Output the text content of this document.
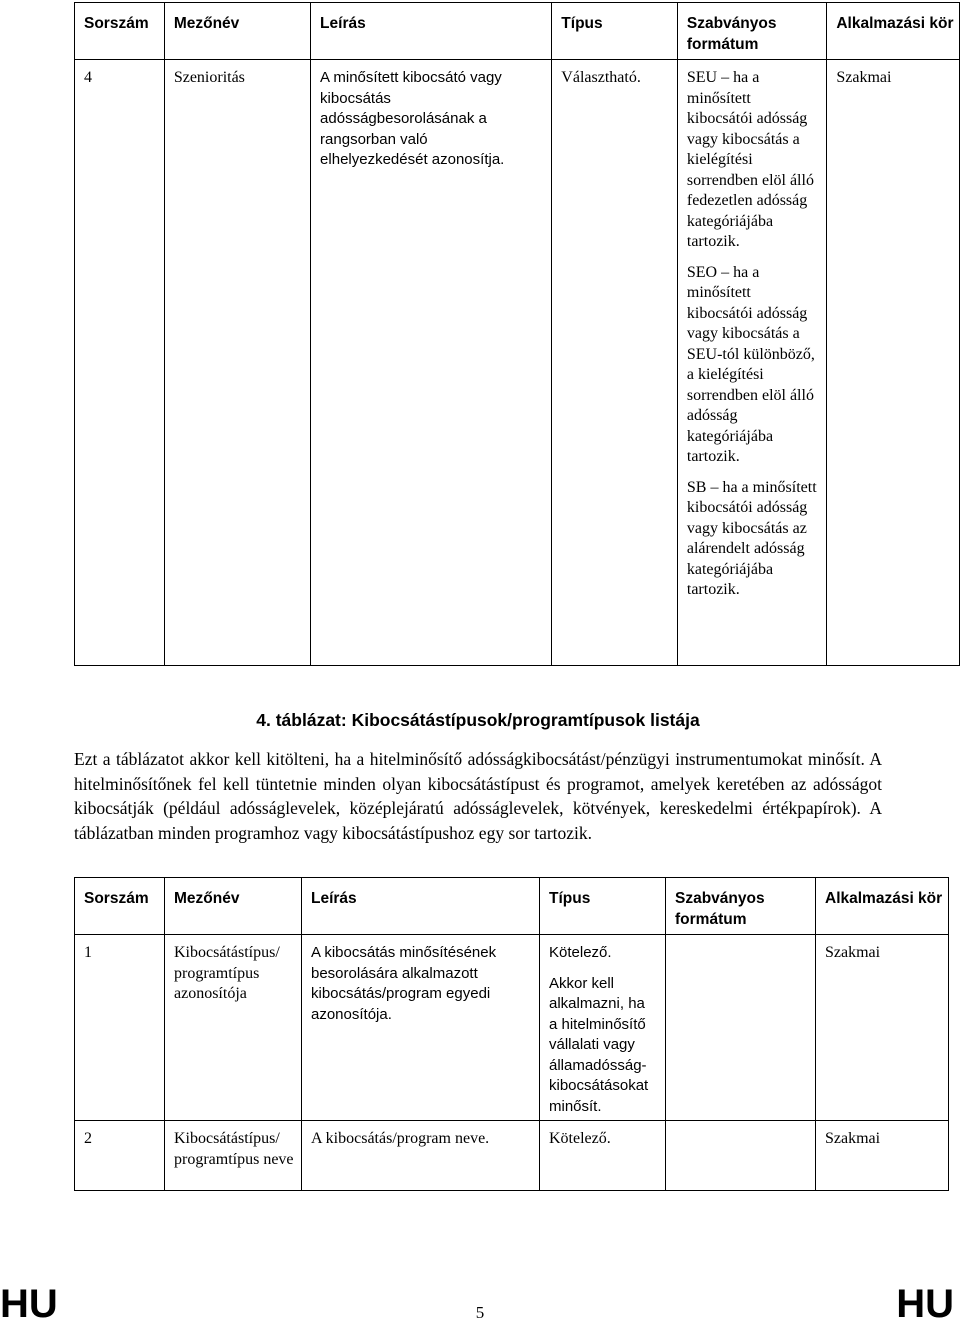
Sorszám	Mezőnév	Leírás	Típus	Szabványos formátum	Alkalmazási kör
4	Szenioritás	A minősített kibocsátó vagy kibocsátás adósságbesorolásának a rangsorban való elhelyezkedését azonosítja.	Választható.	SEU – ha a minősített kibocsátói adósság vagy kibocsátás a kielégítési sorrendben elöl álló fedezetlen adósság kategóriájába tartozik.

SEO – ha a minősített kibocsátói adósság vagy kibocsátás a SEU-tól különböző, a kielégítési sorrendben elöl álló adósság kategóriájába tartozik.

SB – ha a minősített kibocsátói adósság vagy kibocsátás az alárendelt adósság kategóriájába tartozik.	Szakmai
4. táblázat: Kibocsátástípusok/programtípusok listája

Ezt a táblázatot akkor kell kitölteni, ha a hitelminősítő adósságkibocsátást/pénzügyi instrumentumokat minősít. A hitelminősítőnek fel kell tüntetnie minden olyan kibocsátástípust és programot, amelyek keretében az adósságot kibocsátják (például adósságlevelek, középlejáratú adósságlevelek, kötvények, kereskedelmi értékpapírok). A táblázatban minden programhoz vagy kibocsátástípushoz egy sor tartozik.

Sorszám	Mezőnév	Leírás	Típus	Szabványos formátum	Alkalmazási kör
1	Kibocsátástípus/ programtípus azonosítója	A kibocsátás minősítésének besorolására alkalmazott kibocsátás/program egyedi azonosítója.	Kötelező.

Akkor kell alkalmazni, ha a hitelminősítő vállalati vagy államadósság-kibocsátásokat minősít.		Szakmai
2	Kibocsátástípus/ programtípus neve	A kibocsátás/program neve.	Kötelező.		Szakmai
HU	5	HU
